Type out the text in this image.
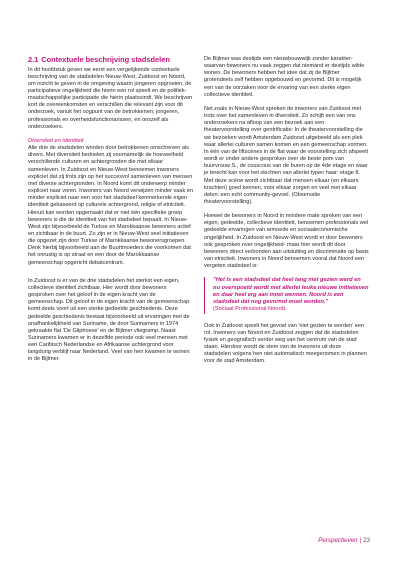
2.1 Contextuele beschrijving stadsdelen

In dit hoofdstuk geven we eerst een vergelijkende contextuele beschrijving van de stadsdelen Nieuw-West, Zuidoost en Noord, om inzicht te geven in de omgeving waarin jongeren opgroeien, de participatieve ongelijkheid die hierin een rol speelt en de politiek-maatschappelijke participatie die hierin plaatsvindt. We beschrijven kort de overeenkomsten en verschillen die relevant zijn voor dit onderzoek, vanuit het oogpunt van de betrokkenen; jongeren, professionals en overheidsfunctionarissen, en onszelf als onderzoekers.

Diversiteit en identiteit

Alle drie de stadsdelen worden door betrokkenen omschreven als divers. Met diversiteit bedoelen zij voornamelijk de hoeveelheid verschillende culturen en achtergronden die met elkaar samenleven. In Zuidoost en Nieuw-West benoemen inwoners expliciet dat zij trots zijn op het succesvol samenleven van mensen met diverse achtergronden. In Noord komt dit onderwerp minder expliciet naar voren. Inwoners van Noord verwijzen minder vaak en minder expliciet naar een voor het stadsdeel kenmerkende eigen identiteit gebaseerd op culturele achtergrond, religie of etniciteit. Hieruit kan worden opgemaakt dat er niet één specifieke groep bewoners is die de identiteit van het stadsdeel bepaalt. In Nieuw-West zijn bijvoorbeeld de Turkse en Marokkaanse bewoners actief en zichtbaar in de buurt. Zo zijn er in Nieuw-West veel initiatieven die opgezet zijn door Turkse of Marokkaanse bewonersgroepen. Denk hierbij bijvoorbeeld aan de Buurtmoeders die voorkomen dat het onrustig is op straat en een door de Marokkaanse gemeenschap opgericht debatcentrum.

In Zuidoost is er van de drie stadsdelen het sterkst een eigen, collectieve identiteit zichtbaar. Hier wordt door bewoners gesproken over het geloof in de eigen kracht van de gemeenschap. Dit geloof in de eigen kracht van de gemeenschap komt deels voort uit een sterke gedeelde geschiedenis. Deze gedeelde geschiedenis bestaat bijvoorbeeld uit ervaringen met de onafhankelijkheid van Suriname, de door Surinamers in 1974 gekraakte flat 'De Gliphoeve' en de Bijlmer vliegramp. Naast Surinamers kwamen er in dezelfde periode ook veel mensen met een Caribisch Nederlandse en Afrikaanse achtergrond voor langdurig verblijf naar Nederland. Veel van hen kwamen te wonen in de Bijlmer.

De Bijlmer was destijds een nieuwbouwwijk zonder karakter- waarvan bewoners nu vaak zeggen dat niemand er destijds wilde wonen. De bewoners hebben het idee dat zij de Bijlmer grotendeels zelf hebben opgebouwd en gevormd. Dit is mogelijk een van de oorzaken voor de ervaring van een sterke eigen collectieve identiteit.

Net zoals in Nieuw-West spreken de inwoners van Zuidoost met trots over het samenleven in diversiteit. Zo schijft een van ons onderzoekers na afloop van een bezoek aan een theatervoorstelling over gentrificatie: In de theatervoorstelling die we bezoeken wordt Amsterdam Zuidoost uitgebeeld als een plek waar allerlei culturen samen komen en een gemeenschap vormen. In één van de liftscènes in de flat waar de voorstelling zich afspeelt wordt er onder andere gesproken over de beste pom van buurvrouw S., de couscous van de buren op de 4de etage en waar je terecht kan voor het slechten van allerlei typen haar: etage 8. Met deze scène wordt zichtbaar dat mensen elkaar (en elkaars krachten) goed kennen, voor elkaar zorgen en veel met elkaar delen: een echt community-gevoel. (Observatie theatervoorstelling).

Hoewel de bewoners in Noord in mindere mate spreken van een eigen, gedeelde, collectieve identiteit, benoemen professionals wel gedeelde ervaringen van armoede en sociaaleconomische ongelijkheid. In Zuidoost en Nieuw-West wordt er door bewoners ook gesproken over ongelijkheid- maar hier wordt dit door bewoners direct verbonden aan uitsluiting en discriminatie op basis van etniciteit. Inwoners in Noord benoemen vooral dat Noord een vergeten stadsdeel is:

"Het is een stadsdeel dat heel lang niet gezien werd en nu overspoeld wordt met allerlei leuke nieuwe initiatieven en daar heel erg aan moet wennen. Noord is een stadsdeel dat nog gevormd moet worden."

(Sociaal Professional Noord).

Ook in Zuidoost speelt het gevoel van 'niet gezien te worden' een rol. Inwoners van Noord en Zuidoost zeggen dat de stadsdelen fysiek en geografisch verder weg van het centrum van de stad staan. Hierdoor wordt de stem van de inwoners uit deze stadsdelen volgens hen niet automatisch meegenomen in plannen voor de stad Amsterdam.

Perspectieven | 23
